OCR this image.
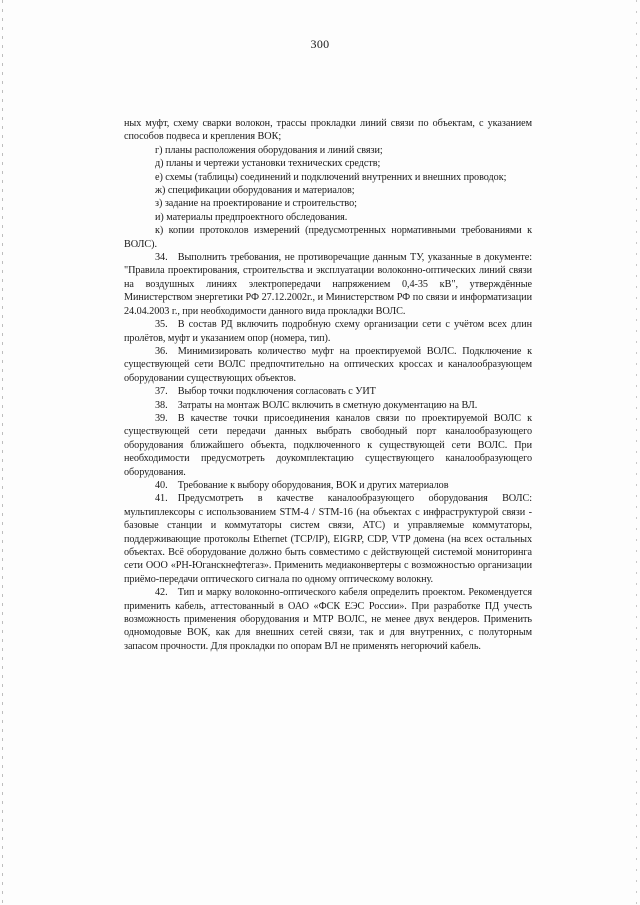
300

ных муфт, схему сварки волокон, трассы прокладки линий связи по объектам, с указанием способов подвеса и крепления ВОК;

г) планы расположения оборудования и линий связи;

д) планы и чертежи установки технических средств;

е) схемы (таблицы) соединений и подключений внутренних и внешних проводок;

ж) спецификации оборудования и материалов;

з) задание на проектирование и строительство;

и) материалы предпроектного обследования.

к) копии протоколов измерений (предусмотренных нормативными требованиями к ВОЛС).

34. Выполнить требования, не противоречащие данным ТУ, указанные в документе: "Правила проектирования, строительства и эксплуатации волоконно-оптических линий связи на воздушных линиях электропередачи напряжением 0,4-35 кВ", утверждённые Министерством энергетики РФ 27.12.2002г., и Министерством РФ по связи и информатизации 24.04.2003 г., при необходимости данного вида прокладки ВОЛС.

35. В состав РД включить подробную схему организации сети с учётом всех длин пролётов, муфт и указанием опор (номера, тип).

36. Минимизировать количество муфт на проектируемой ВОЛС. Подключение к существующей сети ВОЛС предпочтительно на оптических кроссах и каналообразующем оборудовании существующих объектов.

37. Выбор точки подключения согласовать с УИТ

38. Затраты на монтаж ВОЛС включить в сметную документацию на ВЛ.

39. В качестве точки присоединения каналов связи по проектируемой ВОЛС к существующей сети передачи данных выбрать свободный порт каналообразующего оборудования ближайшего объекта, подключенного к существующей сети ВОЛС. При необходимости предусмотреть доукомплектацию существующего каналообразующего оборудования.

40. Требование к выбору оборудования, ВОК и других материалов

41. Предусмотреть в качестве каналообразующего оборудования ВОЛС: мультиплексоры с использованием STM-4 / STM-16 (на объектах с инфраструктурой связи - базовые станции и коммутаторы систем связи, АТС) и управляемые коммутаторы, поддерживающие протоколы Ethernet (TCP/IP), EIGRP, CDP, VTP домена (на всех остальных объектах. Всё оборудование должно быть совместимо с действующей системой мониторинга сети ООО «РН-Юганскнефтегаз». Применить медиаконвертеры с возможностью организации приёмо-передачи оптического сигнала по одному оптическому волокну.

42. Тип и марку волоконно-оптического кабеля определить проектом. Рекомендуется применить кабель, аттестованный в ОАО «ФСК ЕЭС России». При разработке ПД учесть возможность применения оборудования и МТР ВОЛС, не менее двух вендеров. Применить одномодовые ВОК, как для внешних сетей связи, так и для внутренних, с полуторным запасом прочности. Для прокладки по опорам ВЛ не применять негорючий кабель.
